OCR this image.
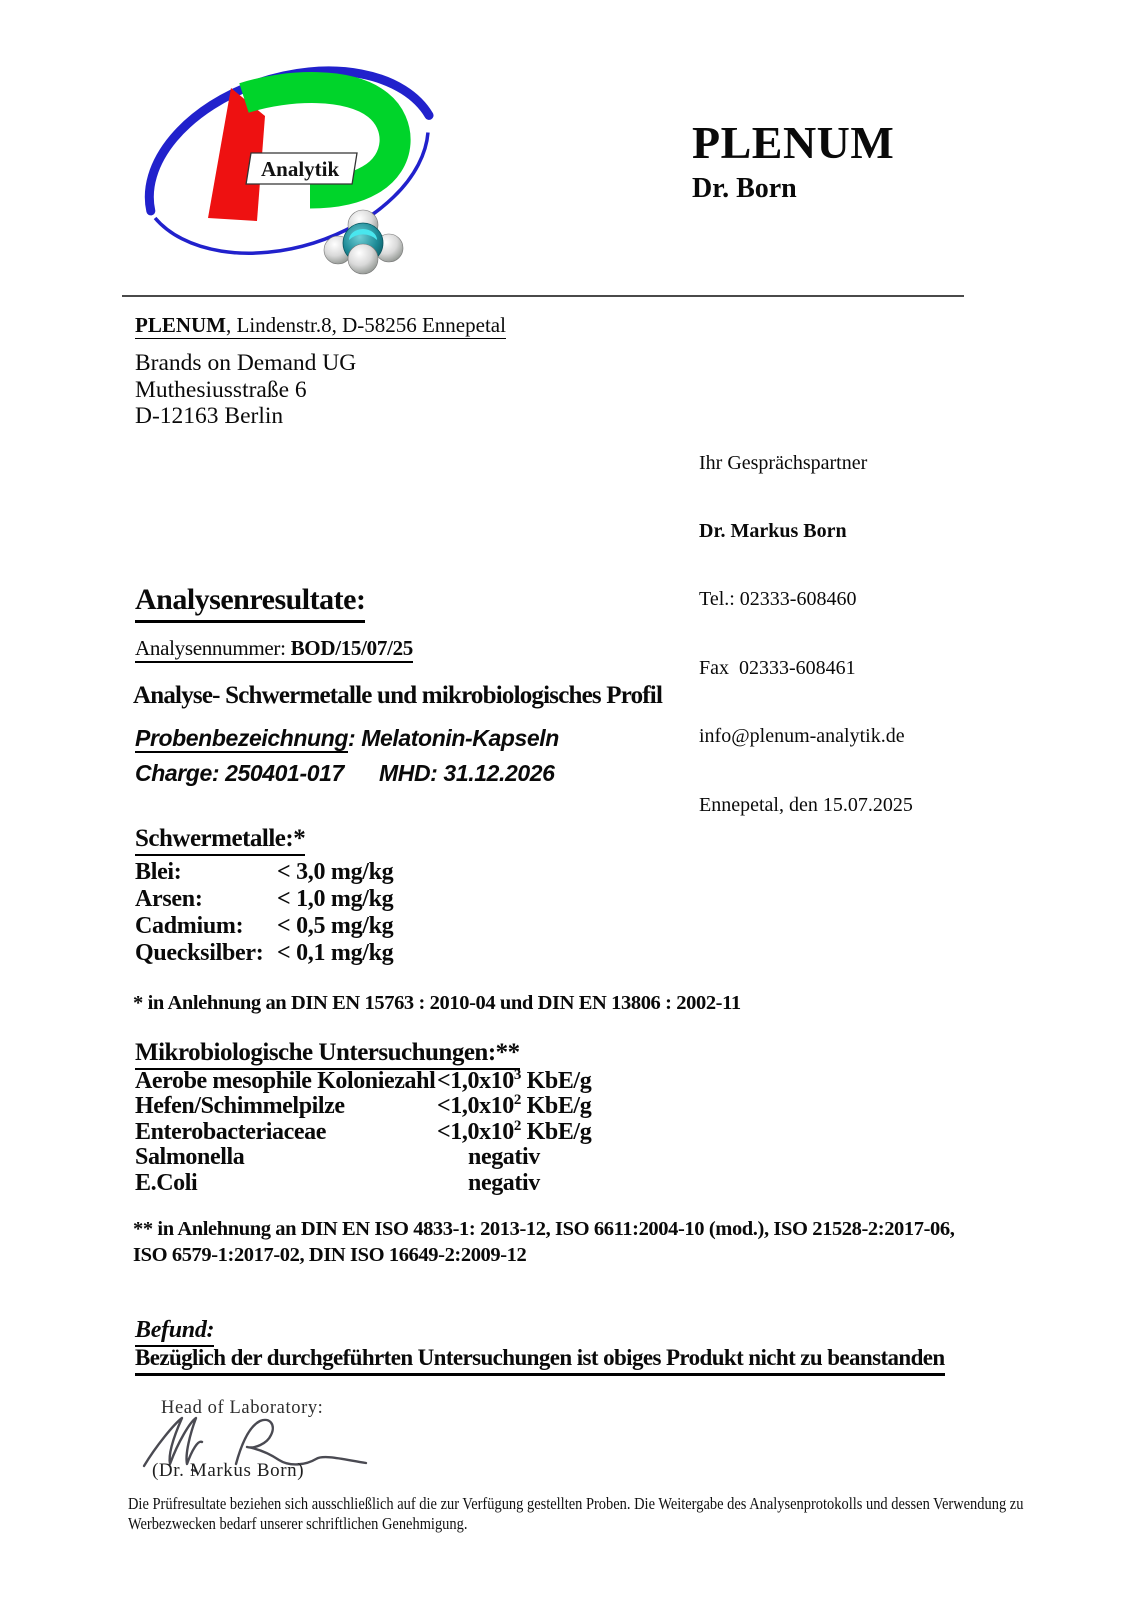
Analytik
PLENUM
Dr. Born
PLENUM, Lindenstr.8, D-58256 Ennepetal
Brands on Demand UG
Muthesiusstraße 6
D-12163 Berlin

Ihr Gesprächspartner

Dr. Markus Born

Tel.: 02333-608460

Fax  02333-608461

info@plenum-analytik.de

Ennepetal, den 15.07.2025

Analysenresultate:
Analysennummer: BOD/15/07/25
Analyse- Schwermetalle und mikrobiologisches Profil
Probenbezeichnung: Melatonin-Kapseln
Charge: 250401-017	MHD: 31.12.2026
Schwermetalle:*
Blei:	< 3,0 mg/kg
Arsen:	< 1,0 mg/kg
Cadmium:	< 0,5 mg/kg
Quecksilber: < 0,1 mg/kg
* in Anlehnung an DIN EN 15763 : 2010-04 und DIN EN 13806 : 2002-11
Mikrobiologische Untersuchungen:**
Aerobe mesophile Koloniezahl $<1,0x10^3$ KbE/g
Hefen/Schimmelpilze	$<1,0x10^2$ KbE/g
Enterobacteriaceae	$<1,0x10^2$ KbE/g
Salmonella	negativ
E.Coli	negativ
** in Anlehnung an DIN EN ISO 4833-1: 2013-12, ISO 6611:2004-10 (mod.), ISO 21528-2:2017-06, ISO 6579-1:2017-02, DIN ISO 16649-2:2009-12
Befund:
Bezüglich der durchgeführten Untersuchungen ist obiges Produkt nicht zu beanstanden
Head of Laboratory:
(Dr. Markus Born)
Die Prüfresultate beziehen sich ausschließlich auf die zur Verfügung gestellten Proben. Die Weitergabe des Analysenprotokolls und dessen Verwendung zu Werbezwecken bedarf unserer schriftlichen Genehmigung.
